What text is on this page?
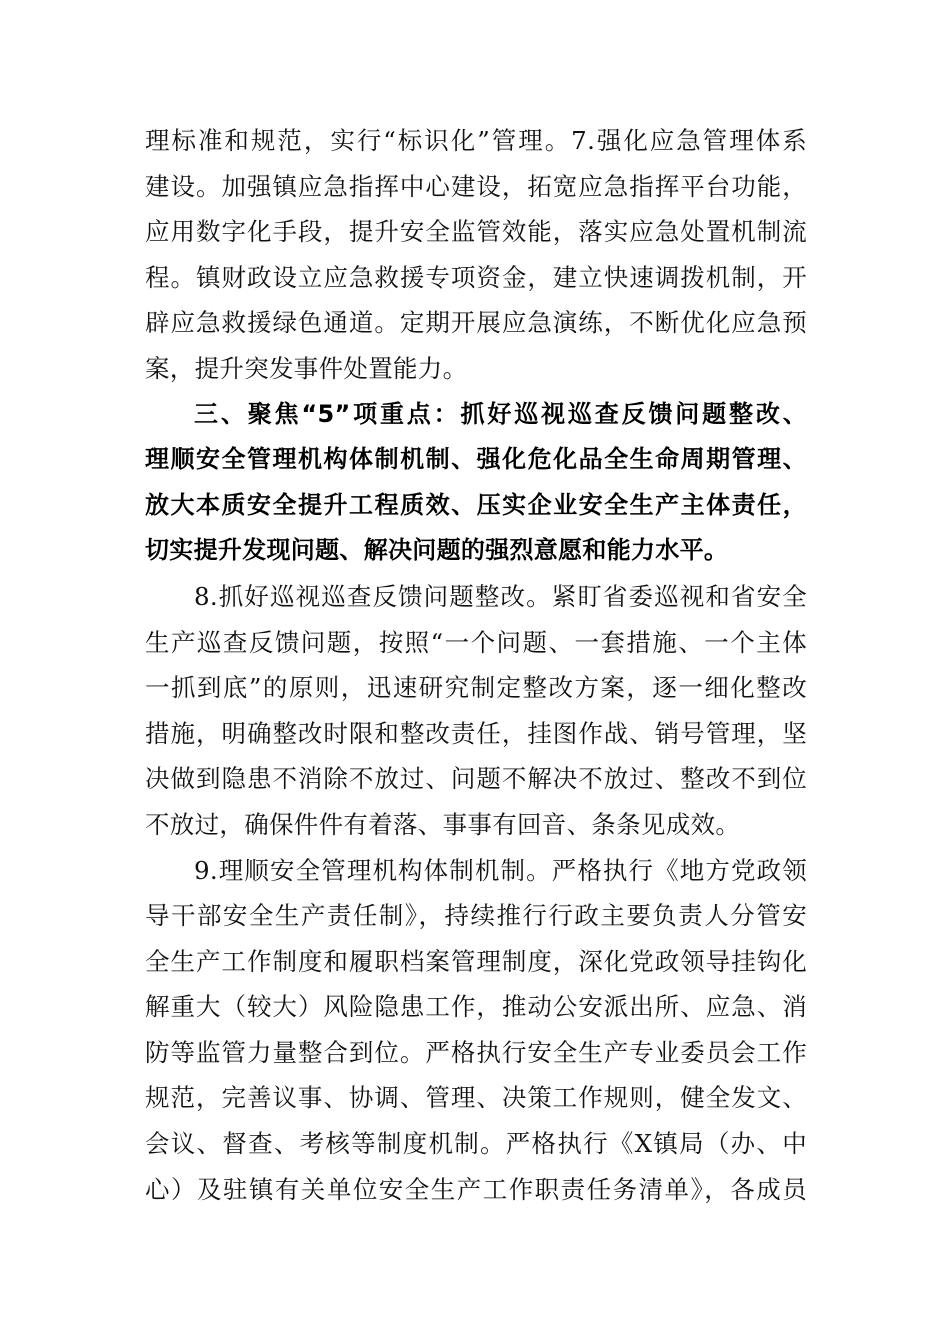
理标准和规范，实行“标识化”管理。7.强化应急管理体系
建设。加强镇应急指挥中心建设，拓宽应急指挥平台功能，
应用数字化手段，提升安全监管效能，落实应急处置机制流
程。镇财政设立应急救援专项资金，建立快速调拨机制，开
辟应急救援绿色通道。定期开展应急演练，不断优化应急预
案，提升突发事件处置能力。

三、聚焦“5”项重点：抓好巡视巡查反馈问题整改、
理顺安全管理机构体制机制、强化危化品全生命周期管理、
放大本质安全提升工程质效、压实企业安全生产主体责任，
切实提升发现问题、解决问题的强烈意愿和能力水平。

8.抓好巡视巡查反馈问题整改。紧盯省委巡视和省安全
生产巡查反馈问题，按照“一个问题、一套措施、一个主体
一抓到底”的原则，迅速研究制定整改方案，逐一细化整改
措施，明确整改时限和整改责任，挂图作战、销号管理，坚
决做到隐患不消除不放过、问题不解决不放过、整改不到位
不放过，确保件件有着落、事事有回音、条条见成效。

9.理顺安全管理机构体制机制。严格执行《地方党政领
导干部安全生产责任制》，持续推行行政主要负责人分管安
全生产工作制度和履职档案管理制度，深化党政领导挂钩化
解重大（较大）风险隐患工作，推动公安派出所、应急、消
防等监管力量整合到位。严格执行安全生产专业委员会工作
规范，完善议事、协调、管理、决策工作规则，健全发文、
会议、督查、考核等制度机制。严格执行《X镇局（办、中
心）及驻镇有关单位安全生产工作职责任务清单》，各成员
